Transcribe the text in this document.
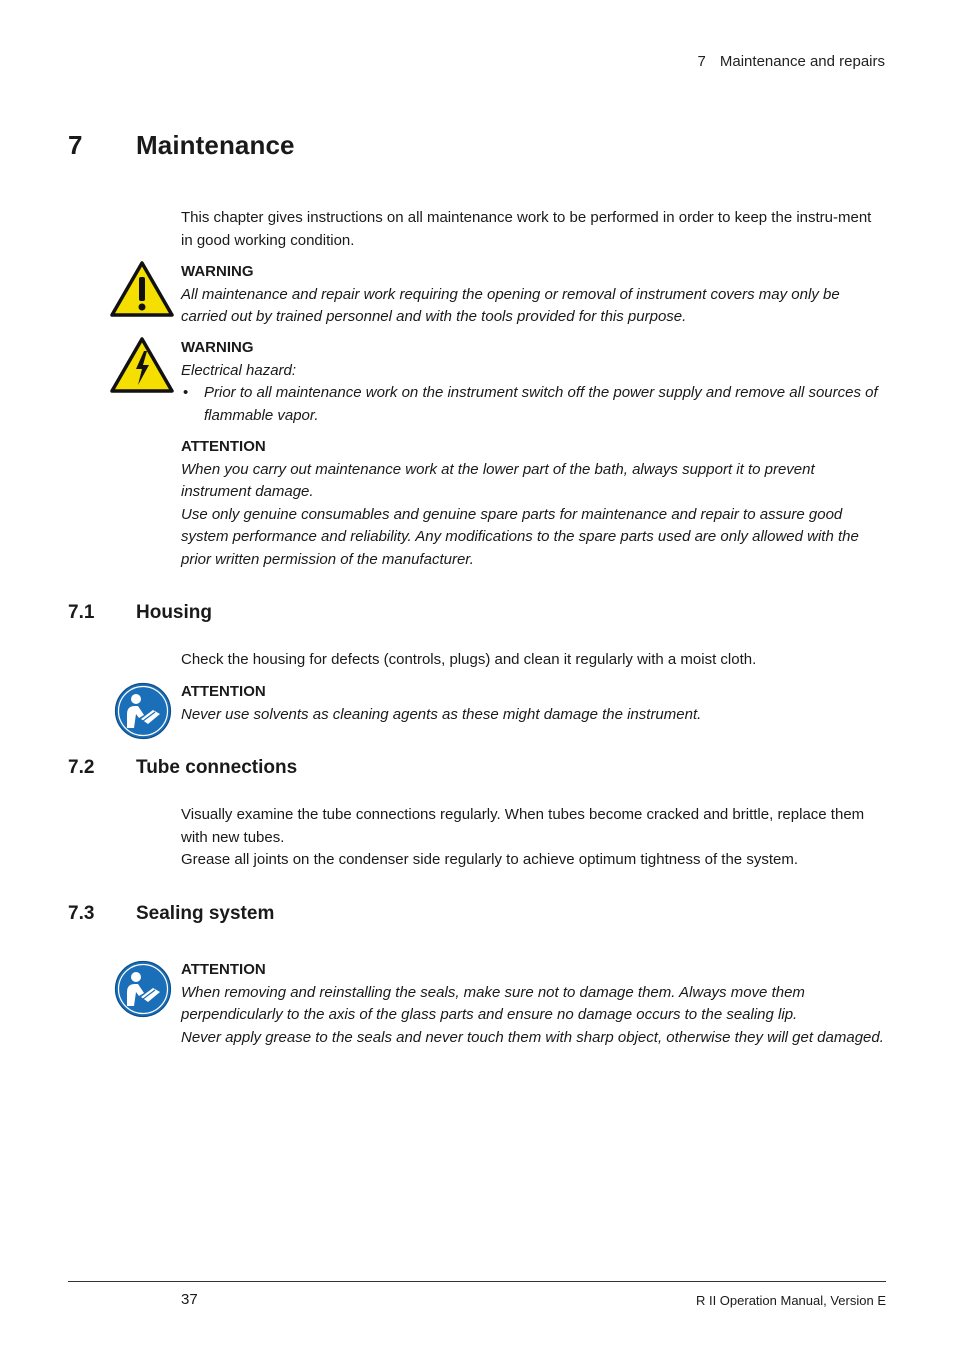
7 Maintenance and repairs
7 Maintenance

This chapter gives instructions on all maintenance work to be performed in order to keep the instru-ment in good working condition.

WARNING
All maintenance and repair work requiring the opening or removal of instrument covers may only be carried out by trained personnel and with the tools provided for this purpose.
WARNING
Electrical hazard:
• Prior to all maintenance work on the instrument switch off the power supply and remove all sources of flammable vapor.
ATTENTION
When you carry out maintenance work at the lower part of the bath, always support it to prevent instrument damage.
Use only genuine consumables and genuine spare parts for maintenance and repair to assure good system performance and reliability. Any modifications to the spare parts used are only allowed with the prior written permission of the manufacturer.
7.1 Housing

Check the housing for defects (controls, plugs) and clean it regularly with a moist cloth.

ATTENTION
Never use solvents as cleaning agents as these might damage the instrument.
7.2 Tube connections

Visually examine the tube connections regularly. When tubes become cracked and brittle, replace them with new tubes.

Grease all joints on the condenser side regularly to achieve optimum tightness of the system.

7.3 Sealing system
ATTENTION
When removing and reinstalling the seals, make sure not to damage them. Always move them perpendicularly to the axis of the glass parts and ensure no damage occurs to the sealing lip.
Never apply grease to the seals and never touch them with sharp object, otherwise they will get damaged.
37	R II Operation Manual, Version E
